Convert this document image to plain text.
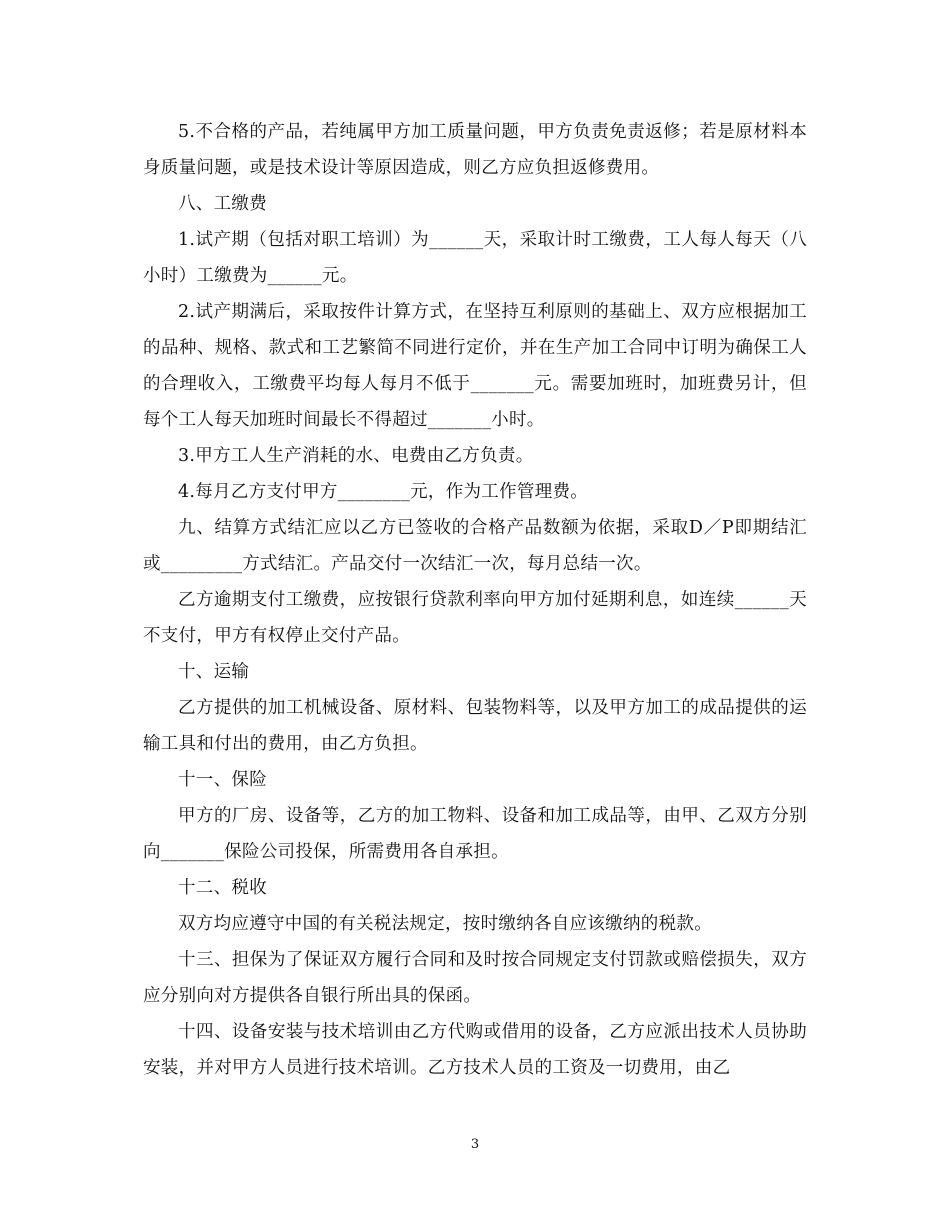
5.不合格的产品，若纯属甲方加工质量问题，甲方负责免责返修；若是原材料本身质量问题，或是技术设计等原因造成，则乙方应负担返修费用。

八、工缴费

1.试产期（包括对职工培训）为______天，采取计时工缴费，工人每人每天（八小时）工缴费为______元。

2.试产期满后，采取按件计算方式，在坚持互利原则的基础上、双方应根据加工的品种、规格、款式和工艺繁简不同进行定价，并在生产加工合同中订明为确保工人的合理收入，工缴费平均每人每月不低于_______元。需要加班时，加班费另计，但每个工人每天加班时间最长不得超过_______小时。

3.甲方工人生产消耗的水、电费由乙方负责。

4.每月乙方支付甲方________元，作为工作管理费。

九、结算方式结汇应以乙方已签收的合格产品数额为依据，采取D／P即期结汇或_________方式结汇。产品交付一次结汇一次，每月总结一次。

乙方逾期支付工缴费，应按银行贷款利率向甲方加付延期利息，如连续______天不支付，甲方有权停止交付产品。

十、运输

乙方提供的加工机械设备、原材料、包装物料等，以及甲方加工的成品提供的运输工具和付出的费用，由乙方负担。

十一、保险

甲方的厂房、设备等，乙方的加工物料、设备和加工成品等，由甲、乙双方分别向_______保险公司投保，所需费用各自承担。

十二、税收

双方均应遵守中国的有关税法规定，按时缴纳各自应该缴纳的税款。

十三、担保为了保证双方履行合同和及时按合同规定支付罚款或赔偿损失，双方应分别向对方提供各自银行所出具的保函。

十四、设备安装与技术培训由乙方代购或借用的设备，乙方应派出技术人员协助安装，并对甲方人员进行技术培训。乙方技术人员的工资及一切费用，由乙

3
